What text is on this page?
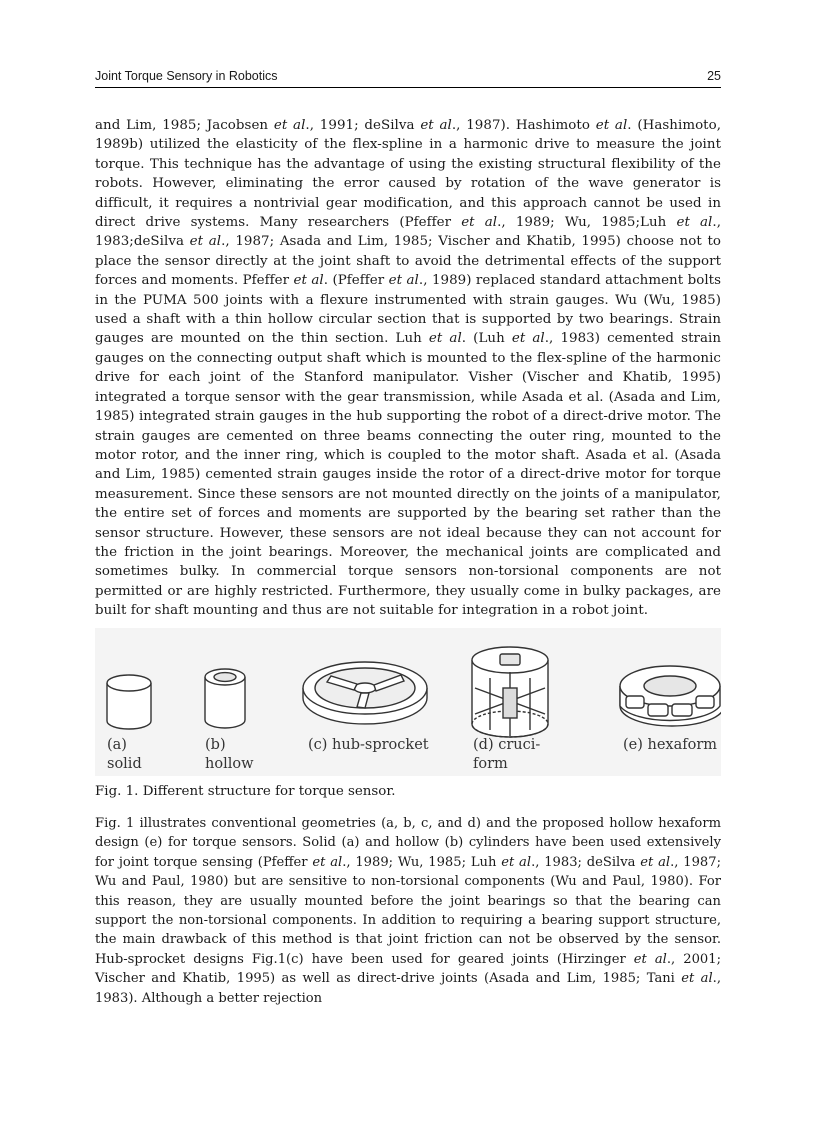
Joint Torque Sensory in Robotics	25

and Lim, 1985; Jacobsen et al., 1991; deSilva et al., 1987). Hashimoto et al. (Hashimoto, 1989b) utilized the elasticity of the flex-spline in a harmonic drive to measure the joint torque. This technique has the advantage of using the existing structural flexibility of the robots. However, eliminating the error caused by rotation of the wave generator is difficult, it requires a nontrivial gear modification, and this approach cannot be used in direct drive systems. Many researchers (Pfeffer et al., 1989; Wu, 1985;Luh et al., 1983;deSilva et al., 1987; Asada and Lim, 1985; Vischer and Khatib, 1995) choose not to place the sensor directly at the joint shaft to avoid the detrimental effects of the support forces and moments. Pfeffer et al. (Pfeffer et al., 1989) replaced standard attachment bolts in the PUMA 500 joints with a flexure instrumented with strain gauges. Wu (Wu, 1985) used a shaft with a thin hollow circular section that is supported by two bearings. Strain gauges are mounted on the thin section. Luh et al. (Luh et al., 1983) cemented strain gauges on the connecting output shaft which is mounted to the flex-spline of the harmonic drive for each joint of the Stanford manipulator. Visher (Vischer and Khatib, 1995) integrated a torque sensor with the gear transmission, while Asada et al. (Asada and Lim, 1985) integrated strain gauges in the hub supporting the robot of a direct-drive motor. The strain gauges are cemented on three beams connecting the outer ring, mounted to the motor rotor, and the inner ring, which is coupled to the motor shaft. Asada et al. (Asada and Lim, 1985) cemented strain gauges inside the rotor of a direct-drive motor for torque measurement. Since these sensors are not mounted directly on the joints of a manipulator, the entire set of forces and moments are supported by the bearing set rather than the sensor structure. However, these sensors are not ideal because they can not account for the friction in the joint bearings. Moreover, the mechanical joints are complicated and sometimes bulky. In commercial torque sensors non-torsional components are not permitted or are highly restricted. Furthermore, they usually come in bulky packages, are built for shaft mounting and thus are not suitable for integration in a robot joint.

(a)
solid
(b)
hollow
(c) hub-sprocket	(d) cruci-
form
(e) hexaform

Fig. 1. Different structure for torque sensor.

Fig. 1 illustrates conventional geometries (a, b, c, and d) and the proposed hollow hexaform design (e) for torque sensors. Solid (a) and hollow (b) cylinders have been used extensively for joint torque sensing (Pfeffer et al., 1989; Wu, 1985; Luh et al., 1983; deSilva et al., 1987; Wu and Paul, 1980) but are sensitive to non-torsional components (Wu and Paul, 1980). For this reason, they are usually mounted before the joint bearings so that the bearing can support the non-torsional components. In addition to requiring a bearing support structure, the main drawback of this method is that joint friction can not be observed by the sensor. Hub-sprocket designs Fig.1(c) have been used for geared joints (Hirzinger et al., 2001; Vischer and Khatib, 1995) as well as direct-drive joints (Asada and Lim, 1985; Tani et al., 1983). Although a better rejection
